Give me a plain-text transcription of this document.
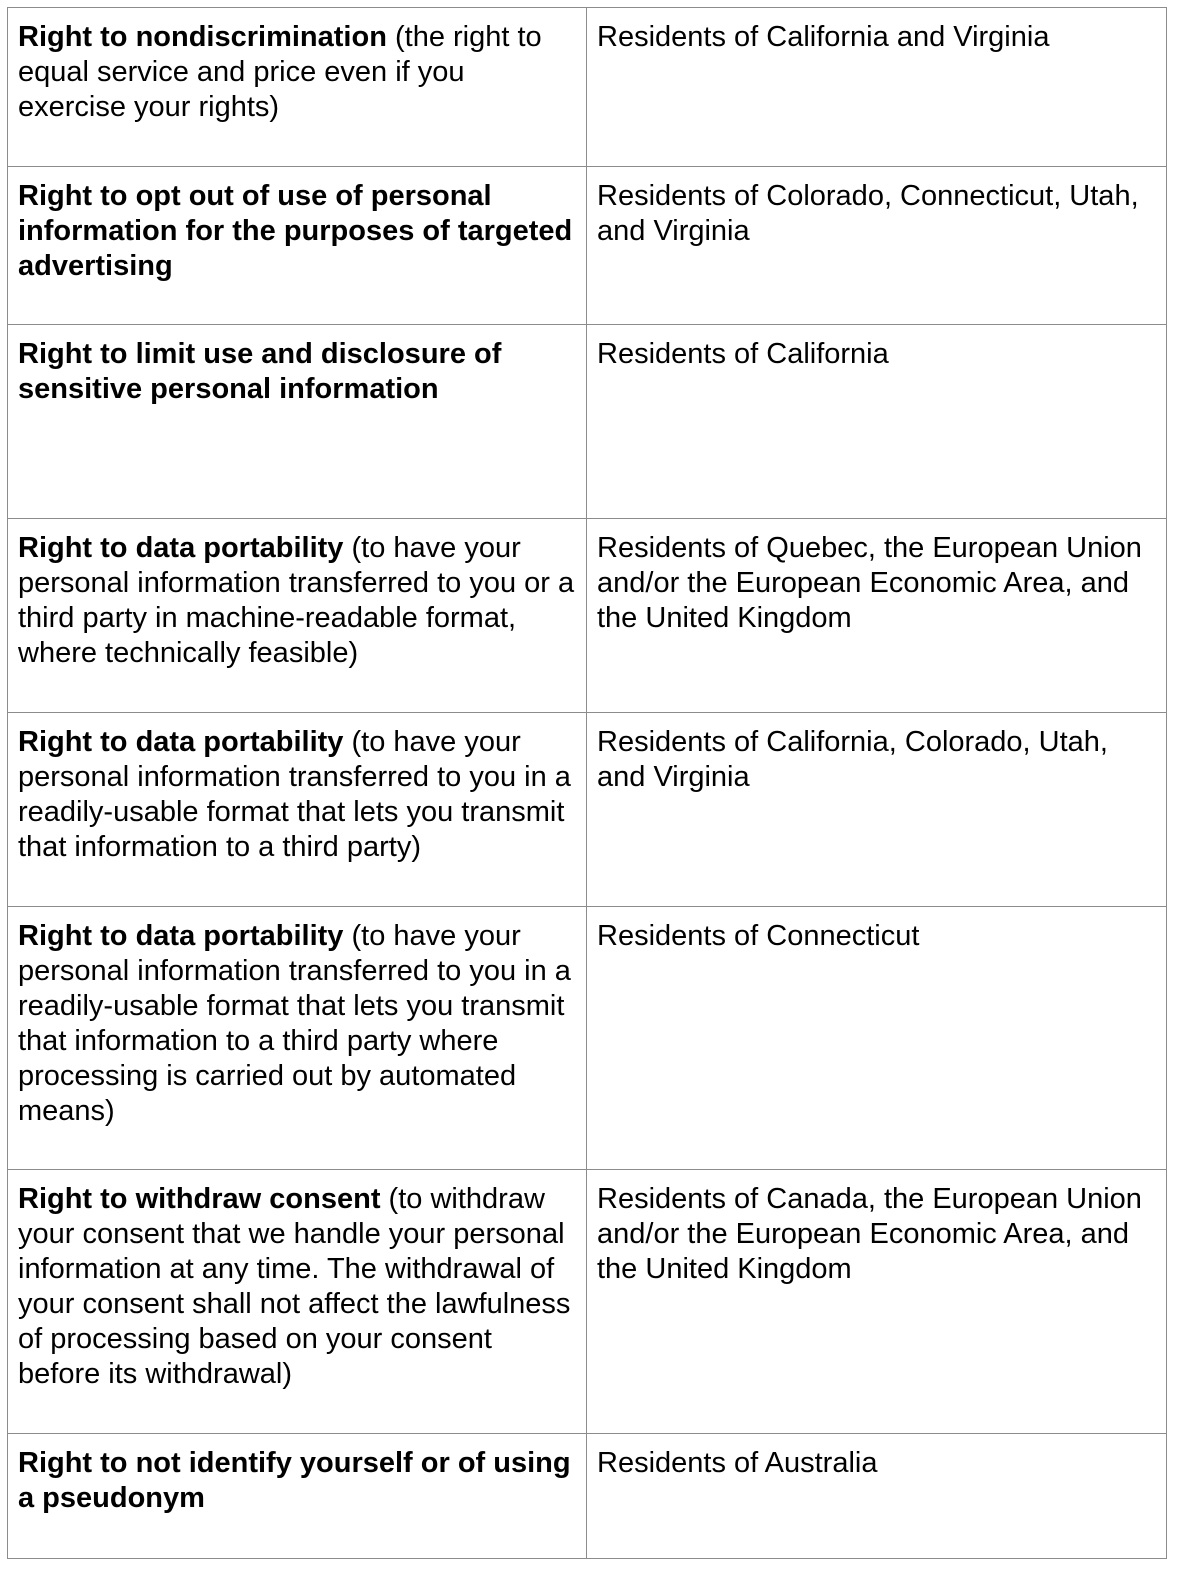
Right to nondiscrimination (the right to equal service and price even if you exercise your rights)	Residents of California and Virginia
Right to opt out of use of personal information for the purposes of targeted advertising	Residents of Colorado, Connecticut, Utah, and Virginia
Right to limit use and disclosure of sensitive personal information	Residents of California
Right to data portability (to have your personal information transferred to you or a third party in machine-readable format, where technically feasible)	Residents of Quebec, the European Union and/or the European Economic Area, and the United Kingdom
Right to data portability (to have your personal information transferred to you in a readily-usable format that lets you transmit that information to a third party)	Residents of California, Colorado, Utah, and Virginia
Right to data portability (to have your personal information transferred to you in a readily-usable format that lets you transmit that information to a third party where processing is carried out by automated means)	Residents of Connecticut
Right to withdraw consent (to withdraw your consent that we handle your personal information at any time. The withdrawal of your consent shall not affect the lawfulness of processing based on your consent before its withdrawal)	Residents of Canada, the European Union and/or the European Economic Area, and the United Kingdom
Right to not identify yourself or of using a pseudonym	Residents of Australia
